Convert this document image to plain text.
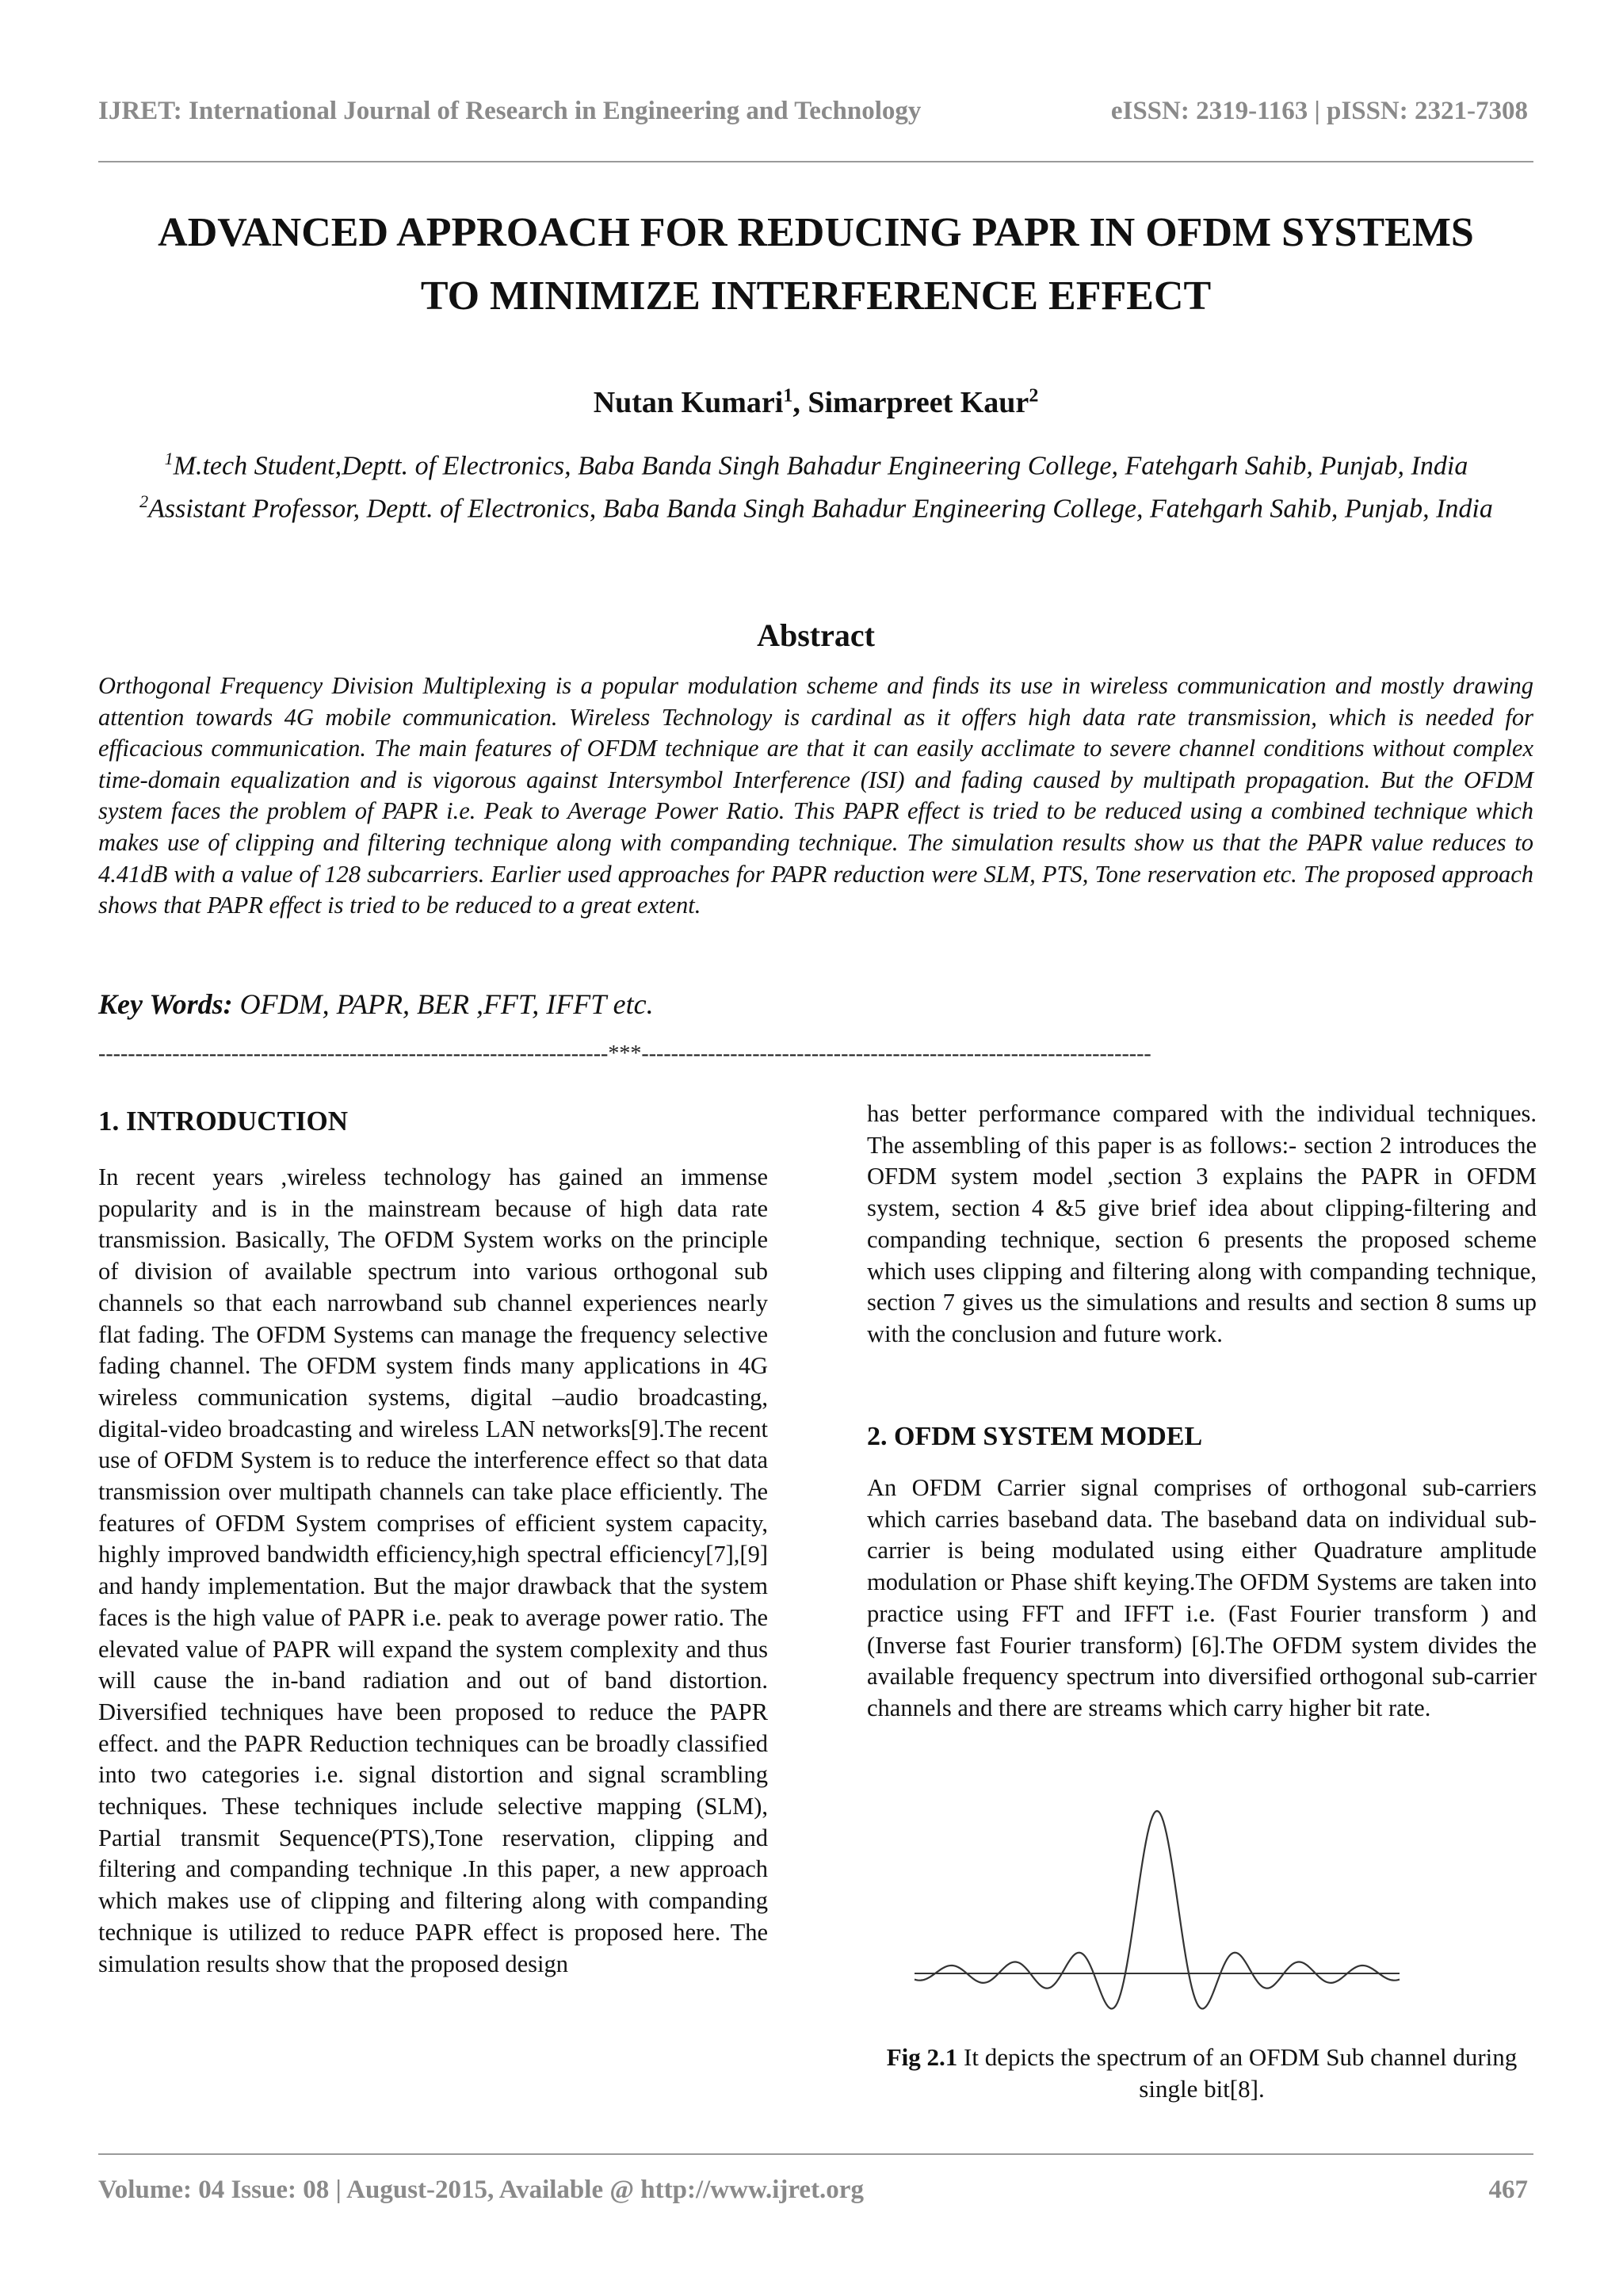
IJRET: International Journal of Research in Engineering and Technology	eISSN: 2319-1163 | pISSN: 2321-7308
ADVANCED APPROACH FOR REDUCING PAPR IN OFDM SYSTEMS
TO MINIMIZE INTERFERENCE EFFECT
Nutan Kumari$^1$, Simarpreet Kaur$^2$
$^1$M.tech Student,Deptt. of Electronics, Baba Banda Singh Bahadur Engineering College, Fatehgarh Sahib, Punjab, India
$^2$Assistant Professor, Deptt. of Electronics, Baba Banda Singh Bahadur Engineering College, Fatehgarh Sahib, Punjab, India
Abstract

Orthogonal Frequency Division Multiplexing is a popular modulation scheme and finds its use in wireless communication and mostly drawing attention towards 4G mobile communication. Wireless Technology is cardinal as it offers high data rate transmission, which is needed for efficacious communication. The main features of OFDM technique are that it can easily acclimate to severe channel conditions without complex time-domain equalization and is vigorous against Intersymbol Interference (ISI) and fading caused by multipath propagation. But the OFDM system faces the problem of PAPR i.e. Peak to Average Power Ratio. This PAPR effect is tried to be reduced using a combined technique which makes use of clipping and filtering technique along with companding technique. The simulation results show us that the PAPR value reduces to 4.41dB with a value of 128 subcarriers. Earlier used approaches for PAPR reduction were SLM, PTS, Tone reservation etc. The proposed approach shows that PAPR effect is tried to be reduced to a great extent.

Key Words: OFDM, PAPR, BER ,FFT, IFFT etc.
---------------------------------------------------------------------***---------------------------------------------------------------------
1. INTRODUCTION

In recent years ,wireless technology has gained an immense popularity and is in the mainstream because of high data rate transmission. Basically, The OFDM System works on the principle of division of available spectrum into various orthogonal sub channels so that each narrowband sub channel experiences nearly flat fading. The OFDM Systems can manage the frequency selective fading channel. The OFDM system finds many applications in 4G wireless communication systems, digital –audio broadcasting, digital-video broadcasting and wireless LAN networks[9].The recent use of OFDM System is to reduce the interference effect so that data transmission over multipath channels can take place efficiently. The features of OFDM System comprises of efficient system capacity, highly improved bandwidth efficiency,high spectral efficiency[7],[9] and handy implementation. But the major drawback that the system faces is the high value of PAPR i.e. peak to average power ratio. The elevated value of PAPR will expand the system complexity and thus will cause the in-band radiation and out of band distortion. Diversified techniques have been proposed to reduce the PAPR effect. and the PAPR Reduction techniques can be broadly classified into two categories i.e. signal distortion and signal scrambling techniques. These techniques include selective mapping (SLM), Partial transmit Sequence(PTS),Tone reservation, clipping and filtering and companding technique .In this paper, a new approach which makes use of clipping and filtering along with companding technique is utilized to reduce PAPR effect is proposed here. The simulation results show that the proposed design

has better performance compared with the individual techniques. The assembling of this paper is as follows:- section 2 introduces the OFDM system model ,section 3 explains the PAPR in OFDM system, section 4 &5 give brief idea about clipping-filtering and companding technique, section 6 presents the proposed scheme which uses clipping and filtering along with companding technique, section 7 gives us the simulations and results and section 8 sums up with the conclusion and future work.

2. OFDM SYSTEM MODEL

An OFDM Carrier signal comprises of orthogonal sub-carriers which carries baseband data. The baseband data on individual sub-carrier is being modulated using either Quadrature amplitude modulation or Phase shift keying.The OFDM Systems are taken into practice using FFT and IFFT i.e. (Fast Fourier transform ) and (Inverse fast Fourier transform) [6].The OFDM system divides the available frequency spectrum into diversified orthogonal sub-carrier channels and there are streams which carry higher bit rate.

Fig 2.1 It depicts the spectrum of an OFDM Sub channel during single bit[8].
Volume: 04 Issue: 08 | August-2015, Available @ http://www.ijret.org	467
